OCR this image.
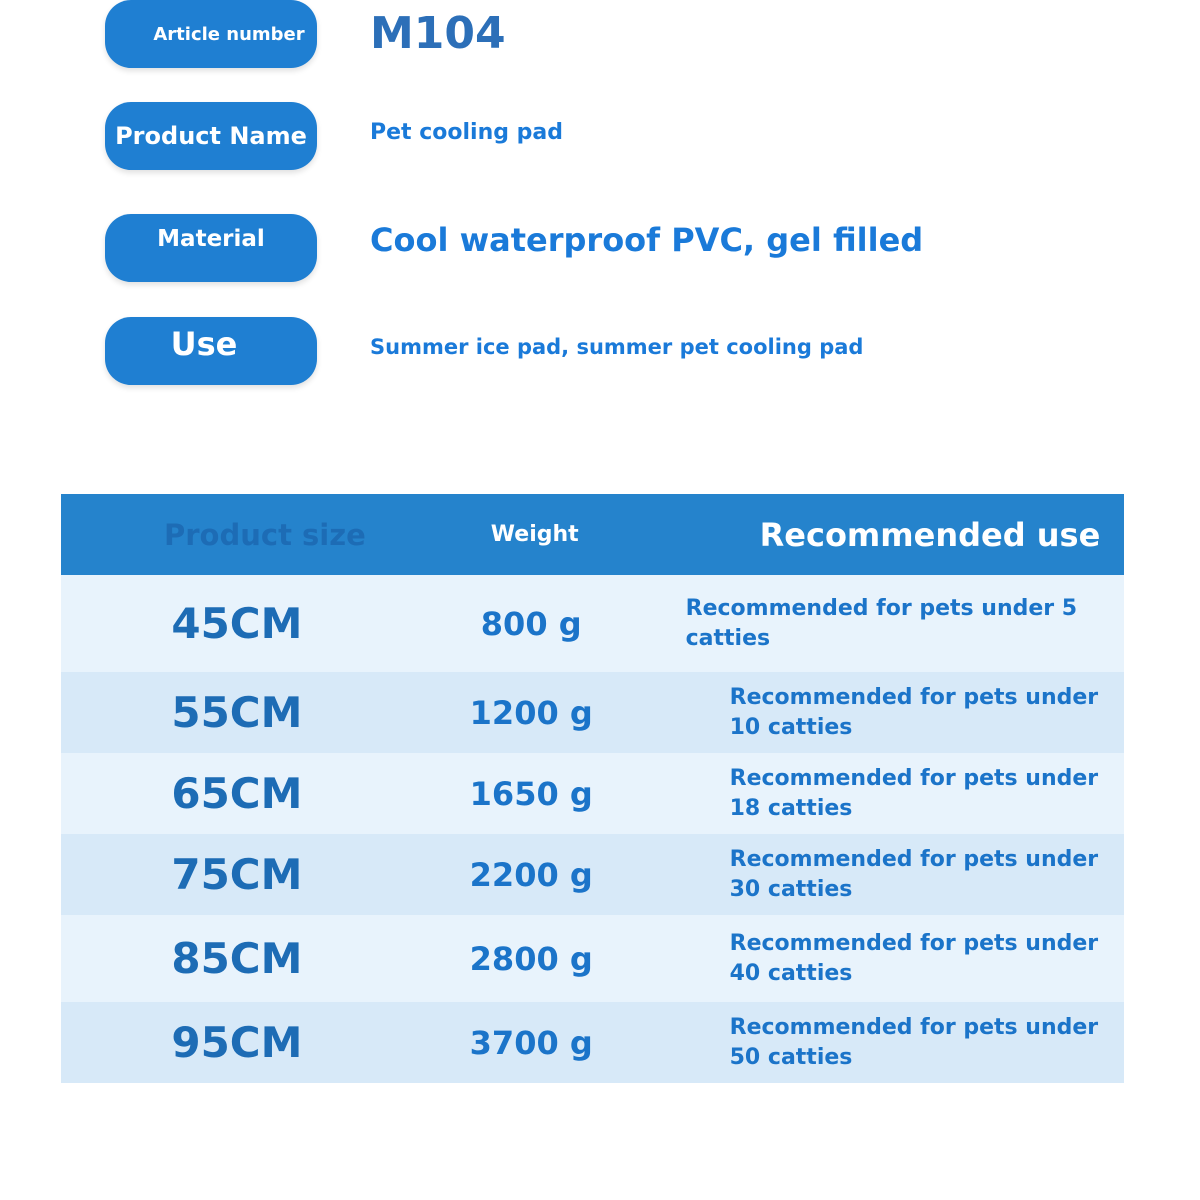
Article number M104
Product Name	Pet cooling pad
Material	Cool waterproof PVC, gel filled
Use	Summer ice pad, summer pet cooling pad
Product size	Weight	Recommended use
45CM	800 g	Recommended for pets under 5 catties

55CM	1200 g	Recommended for pets under 10 catties

65CM	1650 g	Recommended for pets under 18 catties

75CM	2200 g	Recommended for pets under 30 catties

85CM	2800 g	Recommended for pets under 40 catties

95CM	3700 g	Recommended for pets under 50 catties
